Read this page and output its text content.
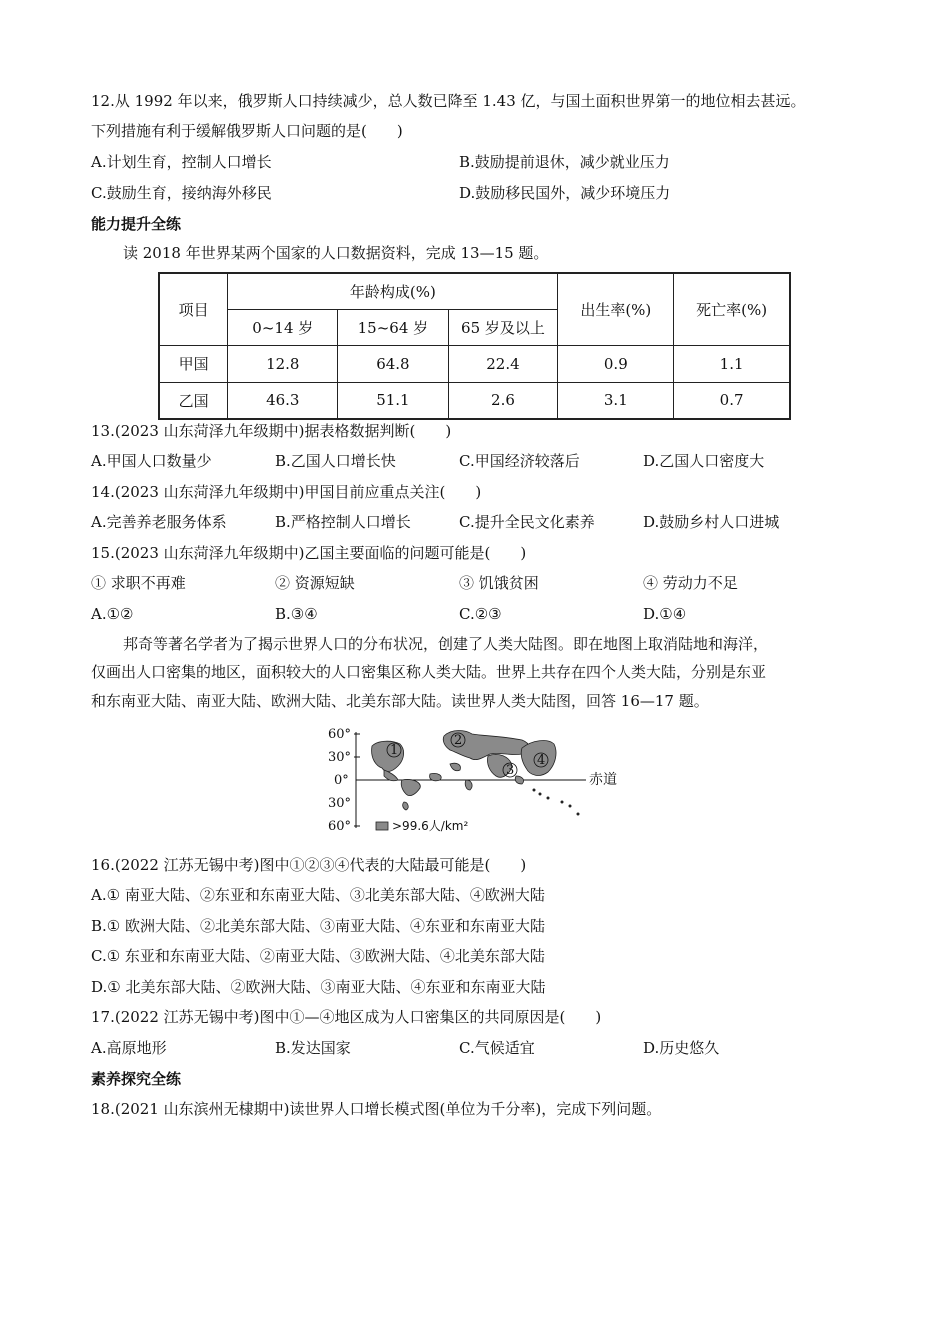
12.从 1992 年以来，俄罗斯人口持续减少，总人数已降至 1.43 亿，与国土面积世界第一的地位相去甚远。
下列措施有利于缓解俄罗斯人口问题的是(　　)
A.计划生育，控制人口增长	B.鼓励提前退休，减少就业压力
C.鼓励生育，接纳海外移民	D.鼓励移民国外，减少环境压力
能力提升全练
读 2018 年世界某两个国家的人口数据资料，完成 13—15 题。
项目	年龄构成(%)			出生率(%)	死亡率(%)
	0~14 岁	15~64 岁	65 岁及以上		
甲国	12.8	64.8	22.4	0.9	1.1
乙国	46.3	51.1	2.6	3.1	0.7
13.(2023 山东菏泽九年级期中)据表格数据判断(　　)
A.甲国人口数量少	B.乙国人口增长快	C.甲国经济较落后	D.乙国人口密度大
14.(2023 山东菏泽九年级期中)甲国目前应重点关注(　　)
A.完善养老服务体系	B.严格控制人口增长	C.提升全民文化素养	D.鼓励乡村人口进城
15.(2023 山东菏泽九年级期中)乙国主要面临的问题可能是(　　)
① 求职不再难	② 资源短缺	③ 饥饿贫困	④ 劳动力不足
A.①②	B.③④	C.②③	D.①④
邦奇等著名学者为了揭示世界人口的分布状况，创建了人类大陆图。即在地图上取消陆地和海洋，
仅画出人口密集的地区，面积较大的人口密集区称人类大陆。世界上共存在四个人类大陆，分别是东亚
和东南亚大陆、南亚大陆、欧洲大陆、北美东部大陆。读世界人类大陆图，回答 16—17 题。
60°
30°
0°
30°
60°
赤道
1
2
3
4
>99.6人/km²
16.(2022 江苏无锡中考)图中①②③④代表的大陆最可能是(　　)
A.① 南亚大陆、②东亚和东南亚大陆、③北美东部大陆、④欧洲大陆
B.① 欧洲大陆、②北美东部大陆、③南亚大陆、④东亚和东南亚大陆
C.① 东亚和东南亚大陆、②南亚大陆、③欧洲大陆、④北美东部大陆
D.① 北美东部大陆、②欧洲大陆、③南亚大陆、④东亚和东南亚大陆
17.(2022 江苏无锡中考)图中①—④地区成为人口密集区的共同原因是(　　)
A.高原地形	B.发达国家	C.气候适宜	D.历史悠久
素养探究全练
18.(2021 山东滨州无棣期中)读世界人口增长模式图(单位为千分率)，完成下列问题。
